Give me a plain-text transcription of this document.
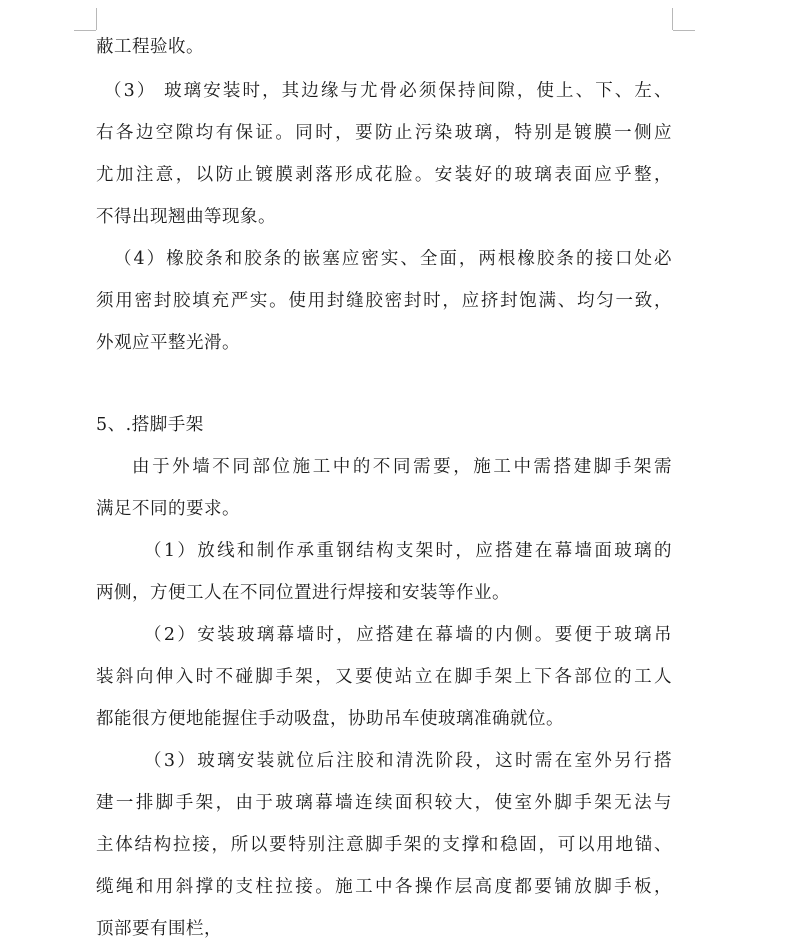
蔽工程验收。
（3） 玻璃安装时，其边缘与尤骨必须保持间隙，使上、下、左、
右各边空隙均有保证。同时，要防止污染玻璃，特别是镀膜一侧应
尤加注意，以防止镀膜剥落形成花脸。安装好的玻璃表面应乎整，
不得出现翘曲等现象。
（4）橡胶条和胶条的嵌塞应密实、全面，两根橡胶条的接口处必
须用密封胶填充严实。使用封缝胶密封时，应挤封饱满、均匀一致，
外观应平整光滑。
5、.搭脚手架
由于外墙不同部位施工中的不同需要，施工中需搭建脚手架需
满足不同的要求。
（1）放线和制作承重钢结构支架时，应搭建在幕墙面玻璃的
两侧，方便工人在不同位置进行焊接和安装等作业。
（2）安装玻璃幕墙时，应搭建在幕墙的内侧。要便于玻璃吊
装斜向伸入时不碰脚手架，又要使站立在脚手架上下各部位的工人
都能很方便地能握住手动吸盘，协助吊车使玻璃准确就位。
（3）玻璃安装就位后注胶和清洗阶段，这时需在室外另行搭
建一排脚手架，由于玻璃幕墙连续面积较大，使室外脚手架无法与
主体结构拉接，所以要特别注意脚手架的支撑和稳固，可以用地锚、
缆绳和用斜撑的支柱拉接。施工中各操作层高度都要铺放脚手板，
顶部要有围栏，
